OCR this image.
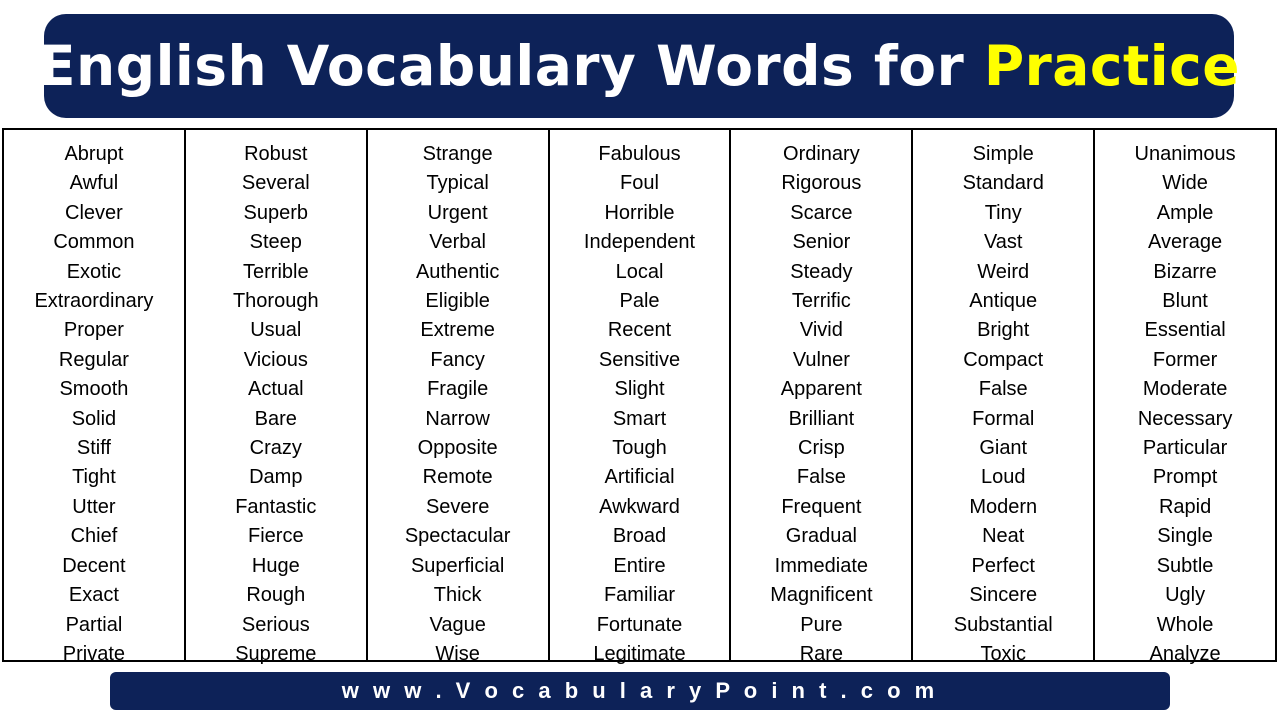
English Vocabulary Words for Practice
Abrupt
Awful
Clever
Common
Exotic
Extraordinary
Proper
Regular
Smooth
Solid
Stiff
Tight
Utter
Chief
Decent
Exact
Partial
Private
Robust
Several
Superb
Steep
Terrible
Thorough
Usual
Vicious
Actual
Bare
Crazy
Damp
Fantastic
Fierce
Huge
Rough
Serious
Supreme
Strange
Typical
Urgent
Verbal
Authentic
Eligible
Extreme
Fancy
Fragile
Narrow
Opposite
Remote
Severe
Spectacular
Superficial
Thick
Vague
Wise
Fabulous
Foul
Horrible
Independent
Local
Pale
Recent
Sensitive
Slight
Smart
Tough
Artificial
Awkward
Broad
Entire
Familiar
Fortunate
Legitimate
Ordinary
Rigorous
Scarce
Senior
Steady
Terrific
Vivid
Vulner
Apparent
Brilliant
Crisp
False
Frequent
Gradual
Immediate
Magnificent
Pure
Rare
Simple
Standard
Tiny
Vast
Weird
Antique
Bright
Compact
False
Formal
Giant
Loud
Modern
Neat
Perfect
Sincere
Substantial
Toxic
Unanimous
Wide
Ample
Average
Bizarre
Blunt
Essential
Former
Moderate
Necessary
Particular
Prompt
Rapid
Single
Subtle
Ugly
Whole
Analyze
w w w . V o c a b u l a r y P o i n t . c o m
